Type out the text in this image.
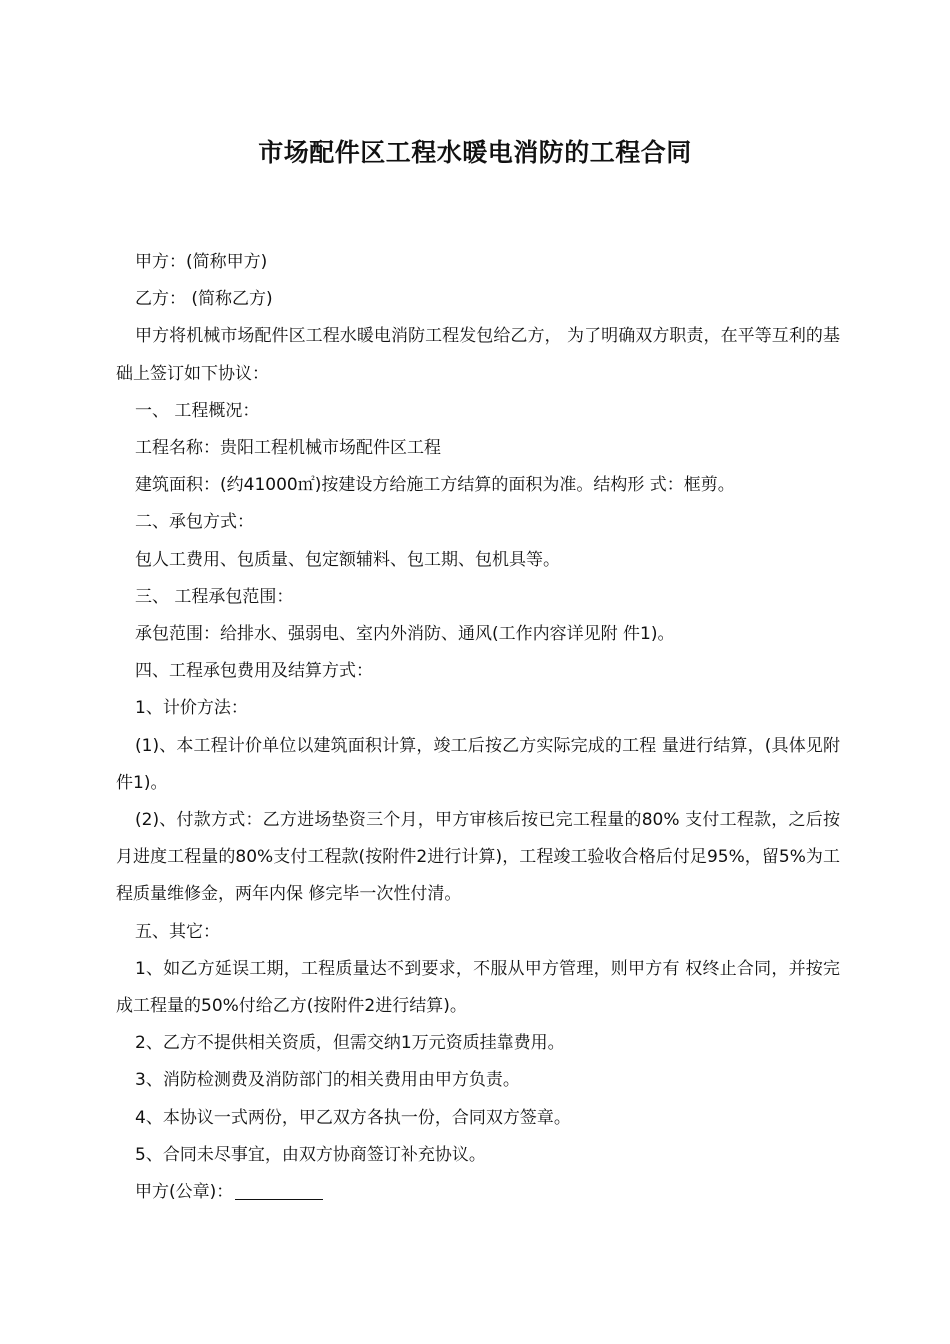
市场配件区工程水暖电消防的工程合同

甲方：(简称甲方)

乙方： (简称乙方)

甲方将机械市场配件区工程水暖电消防工程发包给乙方， 为了明确双方职责，在平等互利的基础上签订如下协议：

一、 工程概况：

工程名称：贵阳工程机械市场配件区工程

建筑面积：(约41000㎡)按建设方给施工方结算的面积为准。结构形 式：框剪。

二、承包方式：

包人工费用、包质量、包定额辅料、包工期、包机具等。

三、 工程承包范围：

承包范围：给排水、强弱电、室内外消防、通风(工作内容详见附 件1)。

四、工程承包费用及结算方式：

1、计价方法：

(1)、本工程计价单位以建筑面积计算，竣工后按乙方实际完成的工程 量进行结算，(具体见附件1)。

(2)、付款方式：乙方进场垫资三个月，甲方审核后按已完工程量的80% 支付工程款，之后按月进度工程量的80%支付工程款(按附件2进行计算)，工程竣工验收合格后付足95%，留5%为工程质量维修金，两年内保 修完毕一次性付清。

五、其它：

1、如乙方延误工期，工程质量达不到要求，不服从甲方管理，则甲方有 权终止合同，并按完成工程量的50%付给乙方(按附件2进行结算)。

2、乙方不提供相关资质，但需交纳1万元资质挂靠费用。

3、消防检测费及消防部门的相关费用由甲方负责。

4、本协议一式两份，甲乙双方各执一份，合同双方签章。

5、合同未尽事宜，由双方协商签订补充协议。

甲方(公章)：
